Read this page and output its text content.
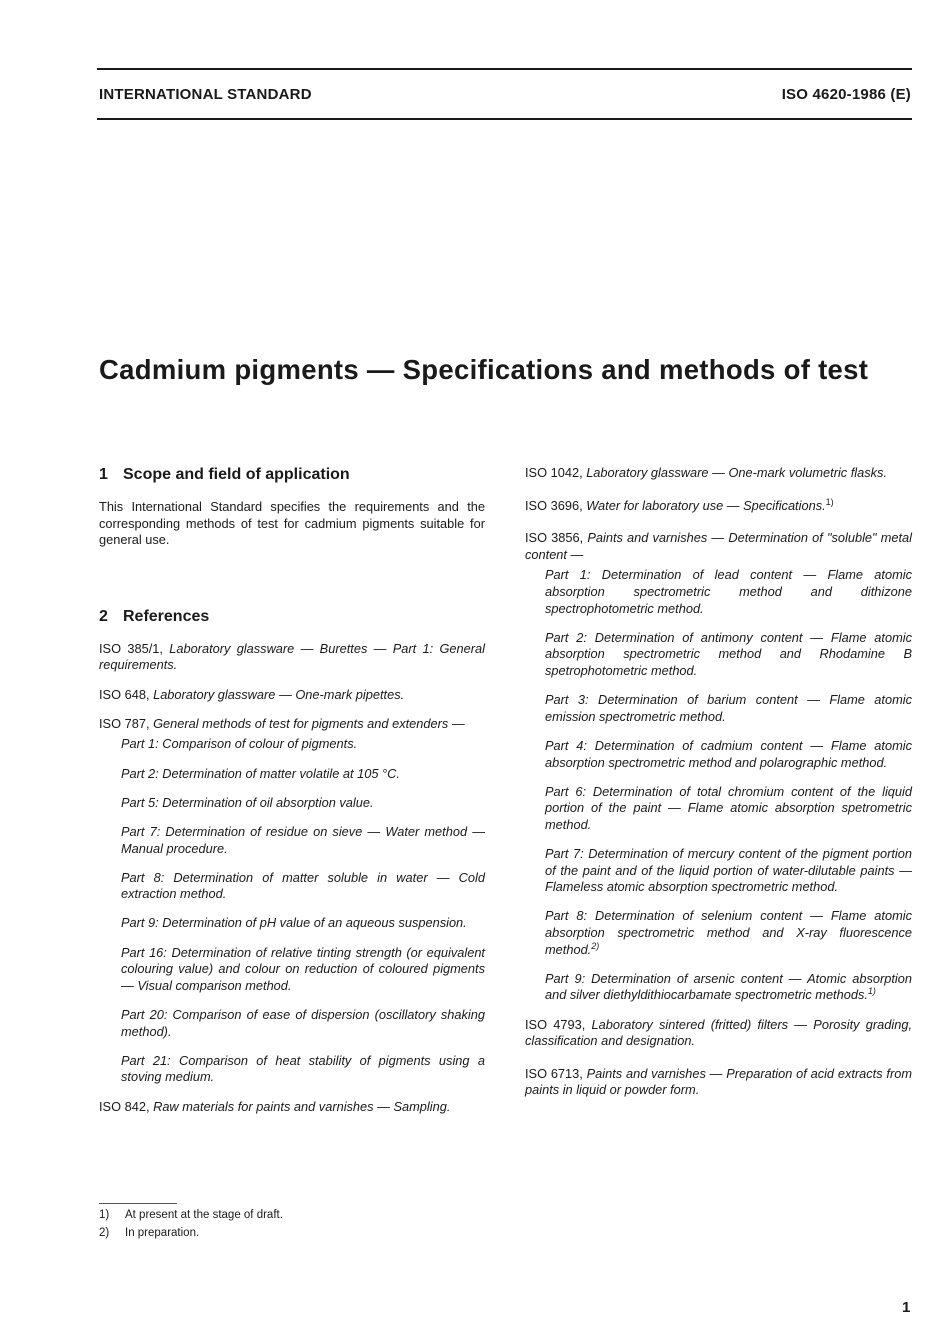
INTERNATIONAL STANDARD	ISO 4620-1986 (E)
Cadmium pigments — Specifications and methods of test
1 Scope and field of application
This International Standard specifies the requirements and the corresponding methods of test for cadmium pigments suitable for general use.
2 References
ISO 385/1, Laboratory glassware — Burettes — Part 1: General requirements.
ISO 648, Laboratory glassware — One-mark pipettes.
ISO 787, General methods of test for pigments and extenders —
Part 1: Comparison of colour of pigments.
Part 2: Determination of matter volatile at 105 °C.
Part 5: Determination of oil absorption value.
Part 7: Determination of residue on sieve — Water method — Manual procedure.
Part 8: Determination of matter soluble in water — Cold extraction method.
Part 9: Determination of pH value of an aqueous suspension.
Part 16: Determination of relative tinting strength (or equivalent colouring value) and colour on reduction of coloured pigments — Visual comparison method.
Part 20: Comparison of ease of dispersion (oscillatory shaking method).
Part 21: Comparison of heat stability of pigments using a stoving medium.
ISO 842, Raw materials for paints and varnishes — Sampling.
ISO 1042, Laboratory glassware — One-mark volumetric flasks.
ISO 3696, Water for laboratory use — Specifications.$^{1)}$
ISO 3856, Paints and varnishes — Determination of "soluble" metal content —
Part 1: Determination of lead content — Flame atomic absorption spectrometric method and dithizone spectrophotometric method.
Part 2: Determination of antimony content — Flame atomic absorption spectrometric method and Rhodamine B spetrophotometric method.
Part 3: Determination of barium content — Flame atomic emission spectrometric method.
Part 4: Determination of cadmium content — Flame atomic absorption spectrometric method and polarographic method.
Part 6: Determination of total chromium content of the liquid portion of the paint — Flame atomic absorption spetrometric method.
Part 7: Determination of mercury content of the pigment portion of the paint and of the liquid portion of water-dilutable paints — Flameless atomic absorption spectrometric method.
Part 8: Determination of selenium content — Flame atomic absorption spectrometric method and X-ray fluorescence method.$^{2)}$
Part 9: Determination of arsenic content — Atomic absorption and silver diethyldithiocarbamate spectrometric methods.$^{1)}$
ISO 4793, Laboratory sintered (fritted) filters — Porosity grading, classification and designation.
ISO 6713, Paints and varnishes — Preparation of acid extracts from paints in liquid or powder form.
1) At present at the stage of draft.
2) In preparation.
1
